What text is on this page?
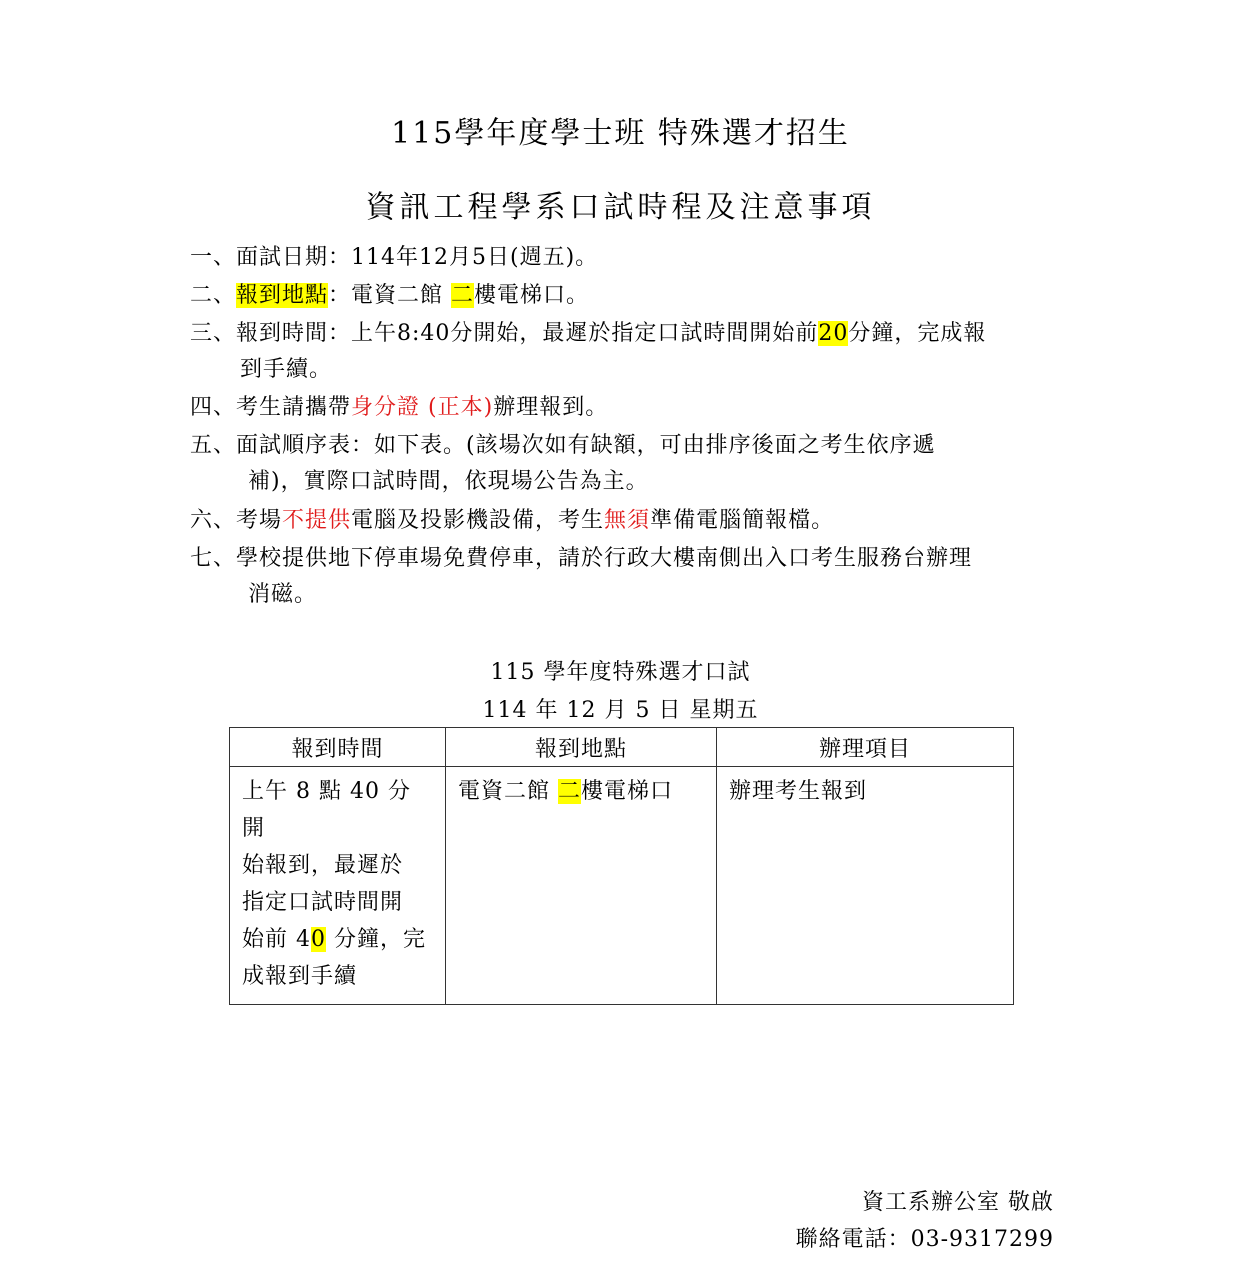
115學年度學士班 特殊選才招生
資訊工程學系口試時程及注意事項
一、面試日期：114年12月5日(週五)。
二、報到地點：電資二館 二樓電梯口。
三、報到時間：上午8:40分開始，最遲於指定口試時間開始前20分鐘，完成報
到手續。
四、考生請攜帶身分證 (正本)辦理報到。
五、面試順序表：如下表。(該場次如有缺額，可由排序後面之考生依序遞
補)，實際口試時間，依現場公告為主。
六、考場不提供電腦及投影機設備，考生無須準備電腦簡報檔。
七、學校提供地下停車場免費停車，請於行政大樓南側出入口考生服務台辦理
消磁。
115 學年度特殊選才口試
114 年 12 月 5 日 星期五
報到時間	報到地點	辦理項目

上午 8 點 40 分開
始報到，最遲於
指定口試時間開
始前 40 分鐘，完
成報到手續	電資二館 二樓電梯口	辦理考生報到
資工系辦公室 敬啟
聯絡電話：03-9317299
